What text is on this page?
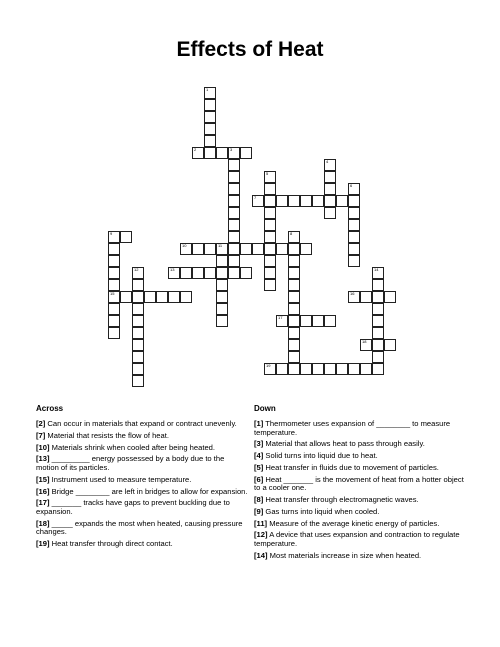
Effects of Heat
1
2	3
4
5
6
7
8
9
15
10	11
12	13	14
16
17
18
19
Across	Down
[2] Can occur in materials that expand or contract unevenly.
[7] Material that resists the flow of heat.
[10] Materials shrink when cooled after being heated.
[13] _________ energy possessed by a body due to the motion of its particles.
[15] Instrument used to measure temperature.
[16] Bridge ________ are left in bridges to allow for expansion.
[17] _______ tracks have gaps to prevent buckling due to expansion.
[18] _____ expands the most when heated, causing pressure changes.
[19] Heat transfer through direct contact.
[1] Thermometer uses expansion of ________ to measure temperature.
[3] Material that allows heat to pass through easily.
[4] Solid turns into liquid due to heat.
[5] Heat transfer in fluids due to movement of particles.
[6] Heat _______ is the movement of heat from a hotter object to a cooler one.
[8] Heat transfer through electromagnetic waves.
[9] Gas turns into liquid when cooled.
[11] Measure of the average kinetic energy of particles.
[12] A device that uses expansion and contraction to regulate temperature.
[14] Most materials increase in size when heated.
